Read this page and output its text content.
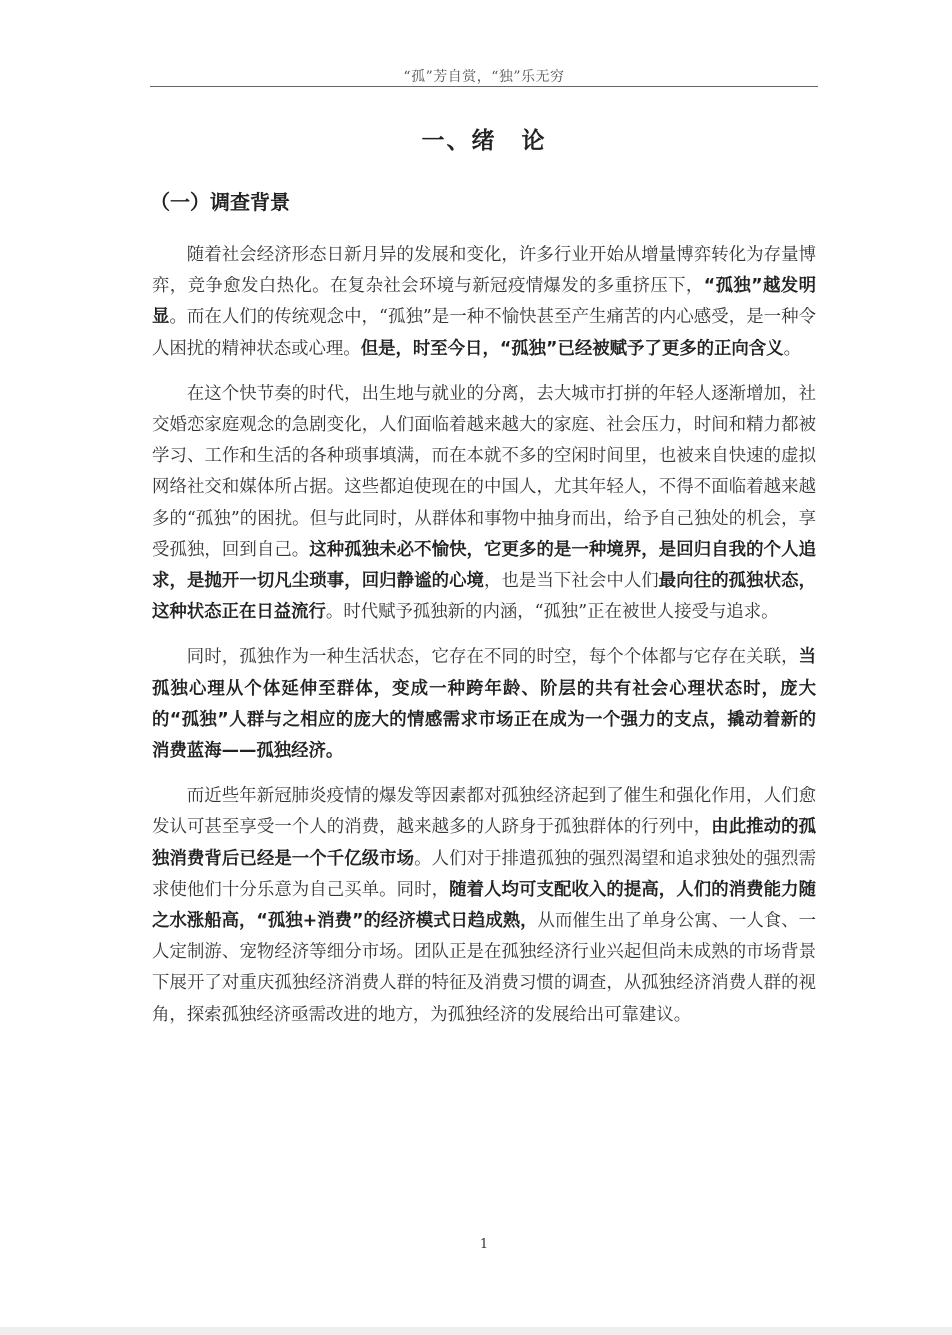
“孤”芳自赏，“独”乐无穷
一、绪　论
（一）调查背景

随着社会经济形态日新月异的发展和变化，许多行业开始从增量博弈转化为存量博弈，竞争愈发白热化。在复杂社会环境与新冠疫情爆发的多重挤压下，“孤独”越发明显。而在人们的传统观念中，“孤独”是一种不愉快甚至产生痛苦的内心感受，是一种令人困扰的精神状态或心理。但是，时至今日，“孤独”已经被赋予了更多的正向含义。

在这个快节奏的时代，出生地与就业的分离，去大城市打拼的年轻人逐渐增加，社交婚恋家庭观念的急剧变化，人们面临着越来越大的家庭、社会压力，时间和精力都被学习、工作和生活的各种琐事填满，而在本就不多的空闲时间里，也被来自快速的虚拟网络社交和媒体所占据。这些都迫使现在的中国人，尤其年轻人，不得不面临着越来越多的“孤独”的困扰。但与此同时，从群体和事物中抽身而出，给予自己独处的机会，享受孤独，回到自己。这种孤独未必不愉快，它更多的是一种境界，是回归自我的个人追求，是抛开一切凡尘琐事，回归静谧的心境，也是当下社会中人们最向往的孤独状态，这种状态正在日益流行。时代赋予孤独新的内涵，“孤独”正在被世人接受与追求。

同时，孤独作为一种生活状态，它存在不同的时空，每个个体都与它存在关联，当孤独心理从个体延伸至群体，变成一种跨年龄、阶层的共有社会心理状态时，庞大的“孤独”人群与之相应的庞大的情感需求市场正在成为一个强力的支点，撬动着新的消费蓝海——孤独经济。

而近些年新冠肺炎疫情的爆发等因素都对孤独经济起到了催生和强化作用，人们愈发认可甚至享受一个人的消费，越来越多的人跻身于孤独群体的行列中，由此推动的孤独消费背后已经是一个千亿级市场。人们对于排遣孤独的强烈渴望和追求独处的强烈需求使他们十分乐意为自己买单。同时，随着人均可支配收入的提高，人们的消费能力随之水涨船高，“孤独+消费”的经济模式日趋成熟，从而催生出了单身公寓、一人食、一人定制游、宠物经济等细分市场。团队正是在孤独经济行业兴起但尚未成熟的市场背景下展开了对重庆孤独经济消费人群的特征及消费习惯的调查，从孤独经济消费人群的视角，探索孤独经济亟需改进的地方，为孤独经济的发展给出可靠建议。

1
